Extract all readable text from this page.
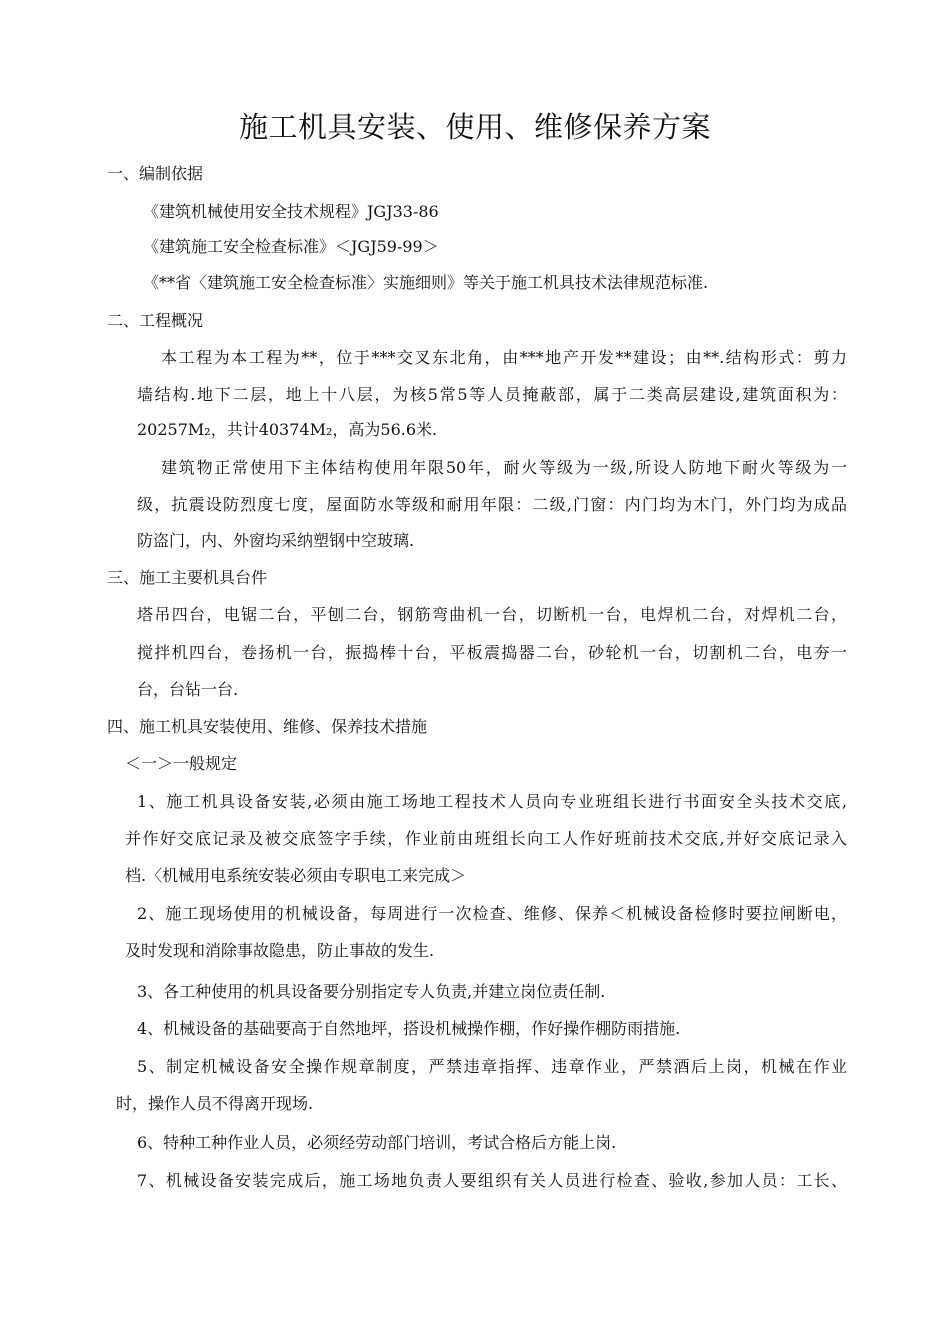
施工机具安装、使用、维修保养方案
一、编制依据
《建筑机械使用安全技术规程》JGJ33-86
《建筑施工安全检查标准》＜JGJ59-99＞
《**省〈建筑施工安全检查标准〉实施细则》等关于施工机具技术法律规范标准.
二、工程概况
本工程为本工程为**，位于***交叉东北角，由***地产开发**建设；由**.结构形式：剪力
墙结构.地下二层，地上十八层，为核5常5等人员掩蔽部，属于二类高层建设,建筑面积为：
20257M₂，共计40374M₂，高为56.6米.
建筑物正常使用下主体结构使用年限50年，耐火等级为一级,所设人防地下耐火等级为一
级，抗震设防烈度七度，屋面防水等级和耐用年限：二级,门窗：内门均为木门，外门均为成品
防盗门，内、外窗均采纳塑钢中空玻璃.
三、施工主要机具台件
塔吊四台，电锯二台，平刨二台，钢筋弯曲机一台，切断机一台，电焊机二台，对焊机二台，
搅拌机四台，卷扬机一台，振捣棒十台，平板震捣器二台，砂轮机一台，切割机二台，电夯一
台，台钻一台.
四、施工机具安装使用、维修、保养技术措施
＜一＞一般规定
1、施工机具设备安装,必须由施工场地工程技术人员向专业班组长进行书面安全头技术交底,
并作好交底记录及被交底签字手续，作业前由班组长向工人作好班前技术交底,并好交底记录入
档.〈机械用电系统安装必须由专职电工来完成＞
2、施工现场使用的机械设备，每周进行一次检查、维修、保养＜机械设备检修时要拉闸断电，
及时发现和消除事故隐患，防止事故的发生.
3、各工种使用的机具设备要分别指定专人负责,并建立岗位责任制.
4、机械设备的基础要高于自然地坪，搭设机械操作棚，作好操作棚防雨措施.
5、制定机械设备安全操作规章制度，严禁违章指挥、违章作业，严禁酒后上岗，机械在作业
时，操作人员不得离开现场.
6、特种工种作业人员，必须经劳动部门培训，考试合格后方能上岗.
7、机械设备安装完成后，施工场地负责人要组织有关人员进行检查、验收,参加人员：工长、
